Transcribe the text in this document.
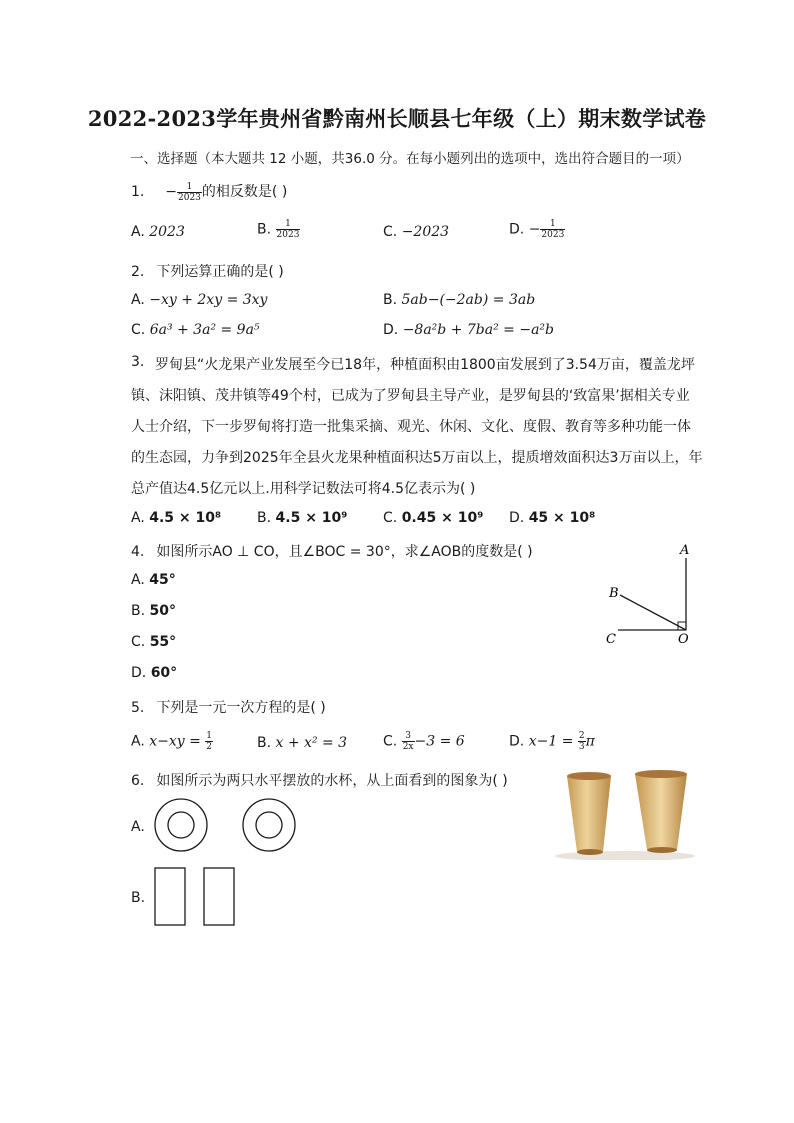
2022-2023学年贵州省黔南州长顺县七年级（上）期末数学试卷
一、选择题（本大题共 12 小题，共36.0 分。在每小题列出的选项中，选出符合题目的一项）
1. − $\frac{1}{2023}$ 的相反数是( )
A. 2023	B. $\frac{1}{2023}$	C. −2023	D. − $\frac{1}{2023}$
2. 下列运算正确的是( )
A. −xy + 2xy = 3xy	B. 5ab−(−2ab) = 3ab
C. 6a³ + 3a² = 9a⁵	D. −8a²b + 7ba² = −a²b
3. 罗甸县“火龙果产业发展至今已18年，种植面积由1800亩发展到了3.54万亩，覆盖龙坪
镇、沫阳镇、茂井镇等49个村，已成为了罗甸县主导产业，是罗甸县的‘致富果’据相关专业
人士介绍，下一步罗甸将打造一批集采摘、观光、休闲、文化、度假、教育等多种功能一体
的生态园，力争到2025年全县火龙果种植面积达5万亩以上，提质增效面积达3万亩以上，年
总产值达4.5亿元以上.用科学记数法可将4.5亿表示为( )
A. 4.5 × 10⁸	B. 4.5 × 10⁹	C. 0.45 × 10⁹ D. 45 × 10⁸
4. 如图所示AO ⊥ CO，且∠BOC = 30°，求∠AOB的度数是( )
A. 45°
B. 50°
C. 55°
D. 60°
A
B
C	O
5. 下列是一元一次方程的是( )
A. $x-xy = \frac{1}{2}$	B. x + x² = 3	C. $\frac{3}{2x} -3 = 6$	D. $x-1 = \frac{2}{3}$ π
6. 如图所示为两只水平摆放的水杯，从上面看到的图象为( )
A.
B.
